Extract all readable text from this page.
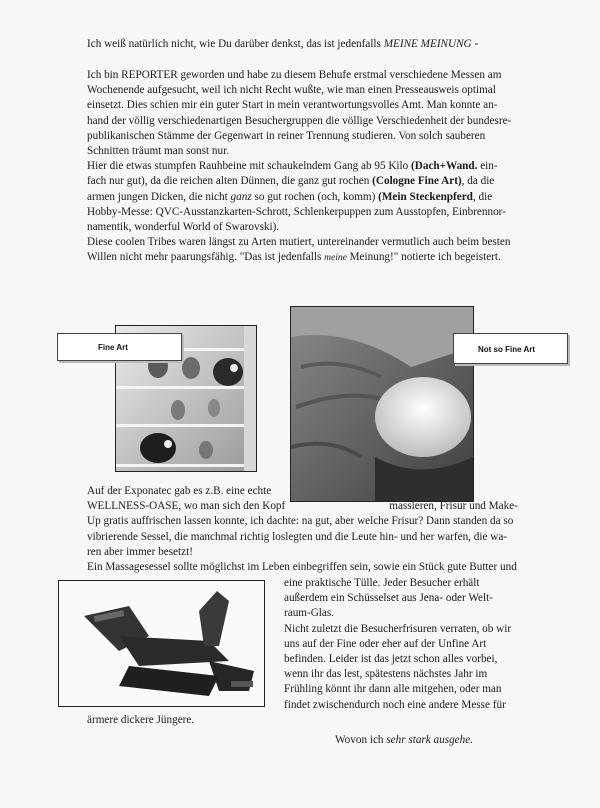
Ich weiß natürlich nicht, wie Du darüber denkst, das ist jedenfalls MEINE MEINUNG -

Ich bin REPORTER geworden und habe zu diesem Behufe erstmal verschiedene Messen am
Wochenende aufgesucht, weil ich nicht Recht wußte, wie man einen Presseausweis optimal
einsetzt. Dies schien mir ein guter Start in mein verantwortungsvolles Amt. Man konnte an-
hand der völlig verschiedenartigen Besuchergruppen die völlige Verschiedenheit der bundesre-
publikanischen Stämme der Gegenwart in reiner Trennung studieren. Von solch sauberen
Schnitten träumt man sonst nur.
Hier die etwas stumpfen Rauhbeine mit schaukelndem Gang ab 95 Kilo (Dach+Wand. ein-
fach nur gut), da die reichen alten Dünnen, die ganz gut rochen (Cologne Fine Art), da die
armen jungen Dicken, die nicht ganz so gut rochen (och, komm) (Mein Steckenpferd, die
Hobby-Messe: QVC-Ausstanzkarten-Schrott, Schlenkerpuppen zum Ausstopfen, Einbrennor-
namentik, wonderful World of Swarovski).
Diese coolen Tribes waren längst zu Arten mutiert, untereinander vermutlich auch beim besten
Willen nicht mehr paarungsfähig. "Das ist jedenfalls meine Meinung!" notierte ich begeistert.
Fine Art	Not so Fine Art
Auf der Exponatec gab es z.B. eine echte
WELLNESS-OASE, wo man sich den Kopf	massieren, Frisur und Make-
Up gratis auffrischen lassen konnte, ich dachte: na gut, aber welche Frisur? Dann standen da so
vibrierende Sessel, die manchmal richtig loslegten und die Leute hin- und her warfen, die wa-
ren aber immer besetzt!
Ein Massagesessel sollte möglichst im Leben einbegriffen sein, sowie ein Stück gute Butter und
eine praktische Tülle. Jeder Besucher erhält
außerdem ein Schüsselset aus Jena- oder Welt-
raum-Glas.
Nicht zuletzt die Besucherfrisuren verraten, ob wir
uns auf der Fine oder eher auf der Unfine Art
befinden. Leider ist das jetzt schon alles vorbei,
wenn ihr das lest, spätestens nächstes Jahr im
Frühling könnt ihr dann alle mitgehen, oder man
findet zwischendurch noch eine andere Messe für

ärmere dickere Jüngere.

Wovon ich sehr stark ausgehe.
